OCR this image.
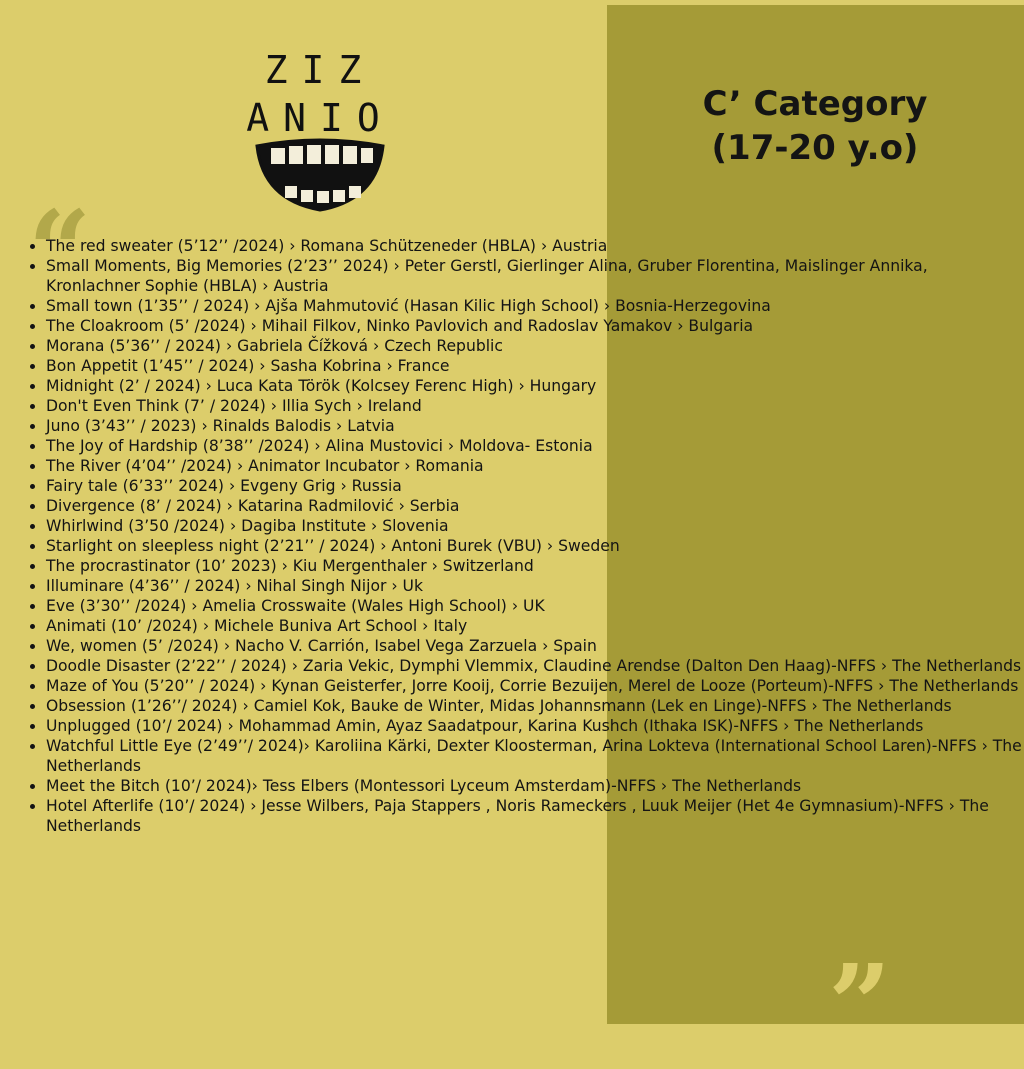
ZIZ
ANIO	C’ Category
(17-20 y.o)
“
• The red sweater (5’12’’ /2024) › Romana Schützeneder (HBLA) › Austria
• Small Moments, Big Memories (2’23’’ 2024) › Peter Gerstl, Gierlinger Alina, Gruber Florentina, Maislinger Annika, Kronlachner Sophie (HBLA) › Austria
• Small town (1’35’’ / 2024) › Ajša Mahmutović (Hasan Kilic High School) › Bosnia-Herzegovina
• The Cloakroom (5’ /2024) › Mihail Filkov, Ninko Pavlovich and Radoslav Yamakov › Bulgaria
• Morana (5’36’’ / 2024) › Gabriela Čížková › Czech Republic
• Bon Appetit (1’45’’ / 2024) › Sasha Kobrina › France
• Midnight (2’ / 2024) › Luca Kata Török (Kolcsey Ferenc High) › Hungary
• Don't Even Think (7’ / 2024) › Illia Sych › Ireland
• Juno (3’43’’ / 2023) › Rinalds Balodis › Latvia
• The Joy of Hardship (8’38’’ /2024) › Alina Mustovici › Moldova- Estonia
• The River (4’04’’ /2024) › Animator Incubator › Romania
• Fairy tale (6’33’’ 2024) › Evgeny Grig › Russia
• Divergence (8’ / 2024) › Katarina Radmilović › Serbia
• Whirlwind (3’50 /2024) › Dagiba Institute › Slovenia
• Starlight on sleepless night (2’21’’ / 2024) › Antoni Burek (VBU) › Sweden
• The procrastinator (10’ 2023) › Kiu Mergenthaler › Switzerland
• Illuminare (4’36’’ / 2024) › Nihal Singh Nijor › Uk
• Eve (3’30’’ /2024) › Amelia Crosswaite (Wales High School) › UK
• Animati (10’ /2024) › Michele Buniva Art School › Italy
• We, women (5’ /2024) › Nacho V. Carrión, Isabel Vega Zarzuela › Spain
• Doodle Disaster (2’22’’ / 2024) › Zaria Vekic, Dymphi Vlemmix, Claudine Arendse (Dalton Den Haag)-NFFS › The Netherlands
• Maze of You (5’20’’ / 2024) › Kynan Geisterfer, Jorre Kooij, Corrie Bezuijen, Merel de Looze (Porteum)-NFFS › The Netherlands
• Obsession (1’26’’/ 2024) › Camiel Kok, Bauke de Winter, Midas Johannsmann (Lek en Linge)-NFFS › The Netherlands
• Unplugged (10’/ 2024) › Mohammad Amin, Ayaz Saadatpour, Karina Kushch (Ithaka ISK)-NFFS › The Netherlands
• Watchful Little Eye (2’49’’/ 2024)› Karoliina Kärki, Dexter Kloosterman, Arina Lokteva (International School Laren)-NFFS › The Netherlands
• Meet the Bitch (10’/ 2024)› Tess Elbers (Montessori Lyceum Amsterdam)-NFFS › The Netherlands
• Hotel Afterlife (10’/ 2024) › Jesse Wilbers, Paja Stappers , Noris Rameckers , Luuk Meijer (Het 4e Gymnasium)-NFFS › The Netherlands
”
